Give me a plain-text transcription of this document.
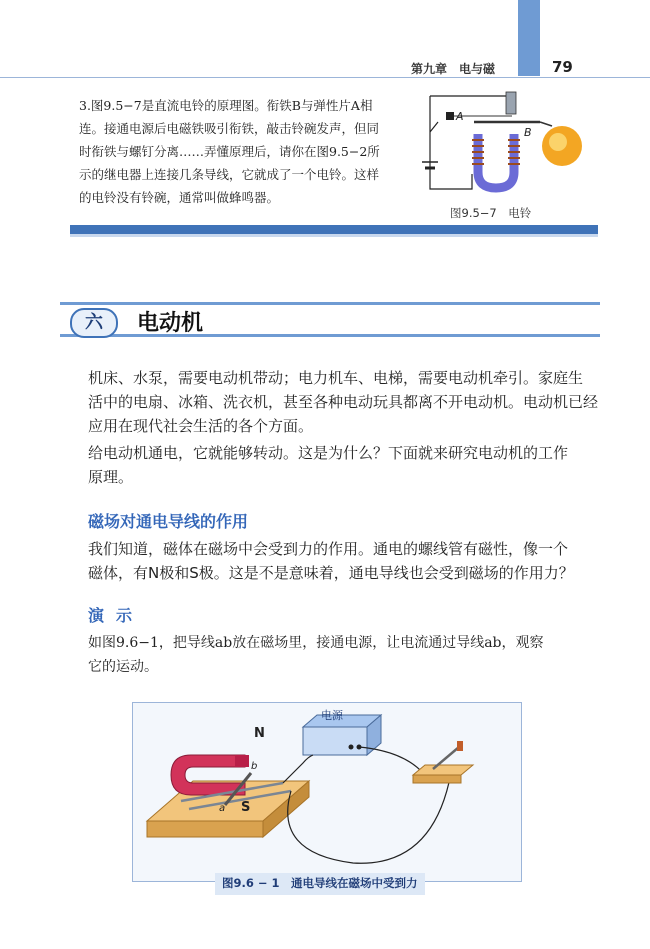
第九章　电与磁	79
3.图9.5−7是直流电铃的原理图。衔铁B与弹性片A相
连。接通电源后电磁铁吸引衔铁，敲击铃碗发声，但同
时衔铁与螺钉分离……弄懂原理后，请你在图9.5−2所
示的继电器上连接几条导线，它就成了一个电铃。这样
的电铃没有铃碗，通常叫做蜂鸣器。
A
B
图9.5−7　电铃
六	电动机
机床、水泵，需要电动机带动；电力机车、电梯，需要电动机牵引。家庭生
活中的电扇、冰箱、洗衣机，甚至各种电动玩具都离不开电动机。电动机已经
应用在现代社会生活的各个方面。
给电动机通电，它就能够转动。这是为什么？下面就来研究电动机的工作
原理。
磁场对通电导线的作用
我们知道，磁体在磁场中会受到力的作用。通电的螺线管有磁性，像一个
磁体，有N极和S极。这是不是意味着，通电导线也会受到磁场的作用力？
演示
如图9.6−1，把导线ab放在磁场里，接通电源，让电流通过导线ab，观察
它的运动。
N
S
a
b
电源
图9.6 − 1　通电导线在磁场中受到力
